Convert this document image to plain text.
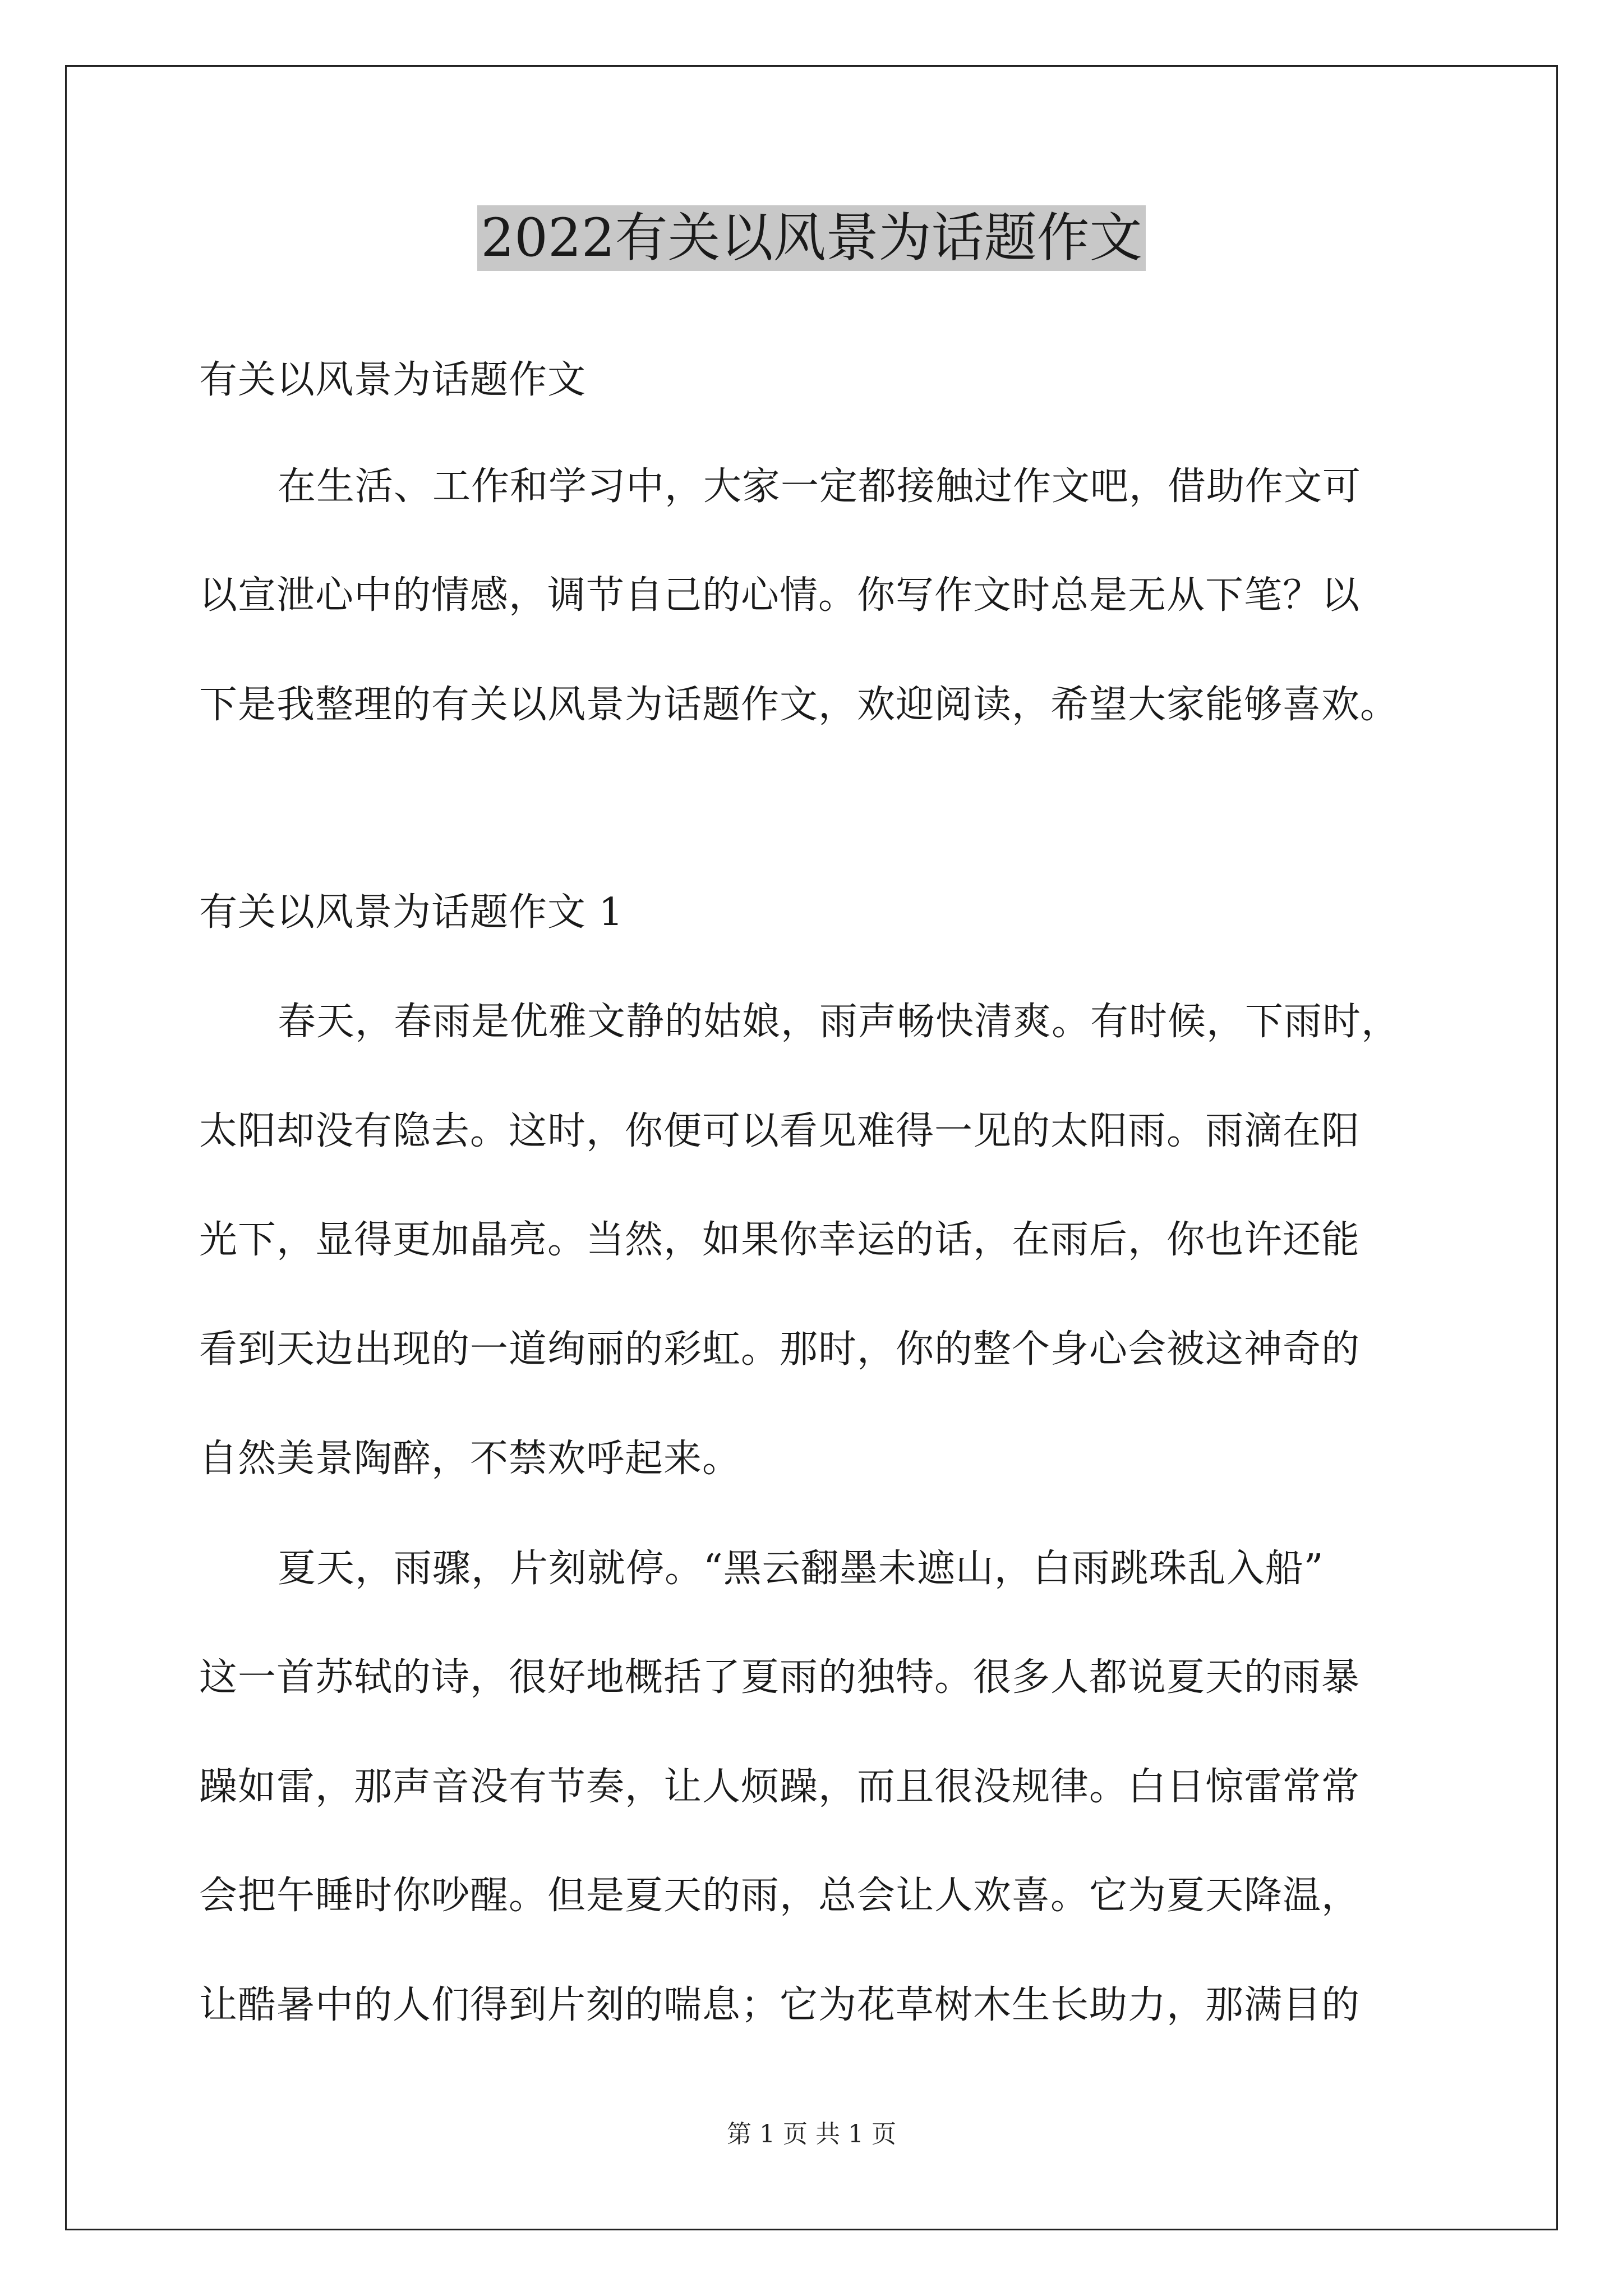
2022有关以风景为话题作文
有关以风景为话题作文
在生活、工作和学习中，大家一定都接触过作文吧，借助作文可
以宣泄心中的情感，调节自己的心情。你写作文时总是无从下笔？以
下是我整理的有关以风景为话题作文，欢迎阅读，希望大家能够喜欢。
有关以风景为话题作文 1
春天，春雨是优雅文静的姑娘，雨声畅快清爽。有时候，下雨时，
太阳却没有隐去。这时，你便可以看见难得一见的太阳雨。雨滴在阳
光下，显得更加晶亮。当然，如果你幸运的话，在雨后，你也许还能
看到天边出现的一道绚丽的彩虹。那时，你的整个身心会被这神奇的
自然美景陶醉，不禁欢呼起来。
夏天，雨骤，片刻就停。“黑云翻墨未遮山，白雨跳珠乱入船”
这一首苏轼的诗，很好地概括了夏雨的独特。很多人都说夏天的雨暴
躁如雷，那声音没有节奏，让人烦躁，而且很没规律。白日惊雷常常
会把午睡时你吵醒。但是夏天的雨，总会让人欢喜。它为夏天降温，
让酷暑中的人们得到片刻的喘息；它为花草树木生长助力，那满目的
第 1 页 共 1 页
